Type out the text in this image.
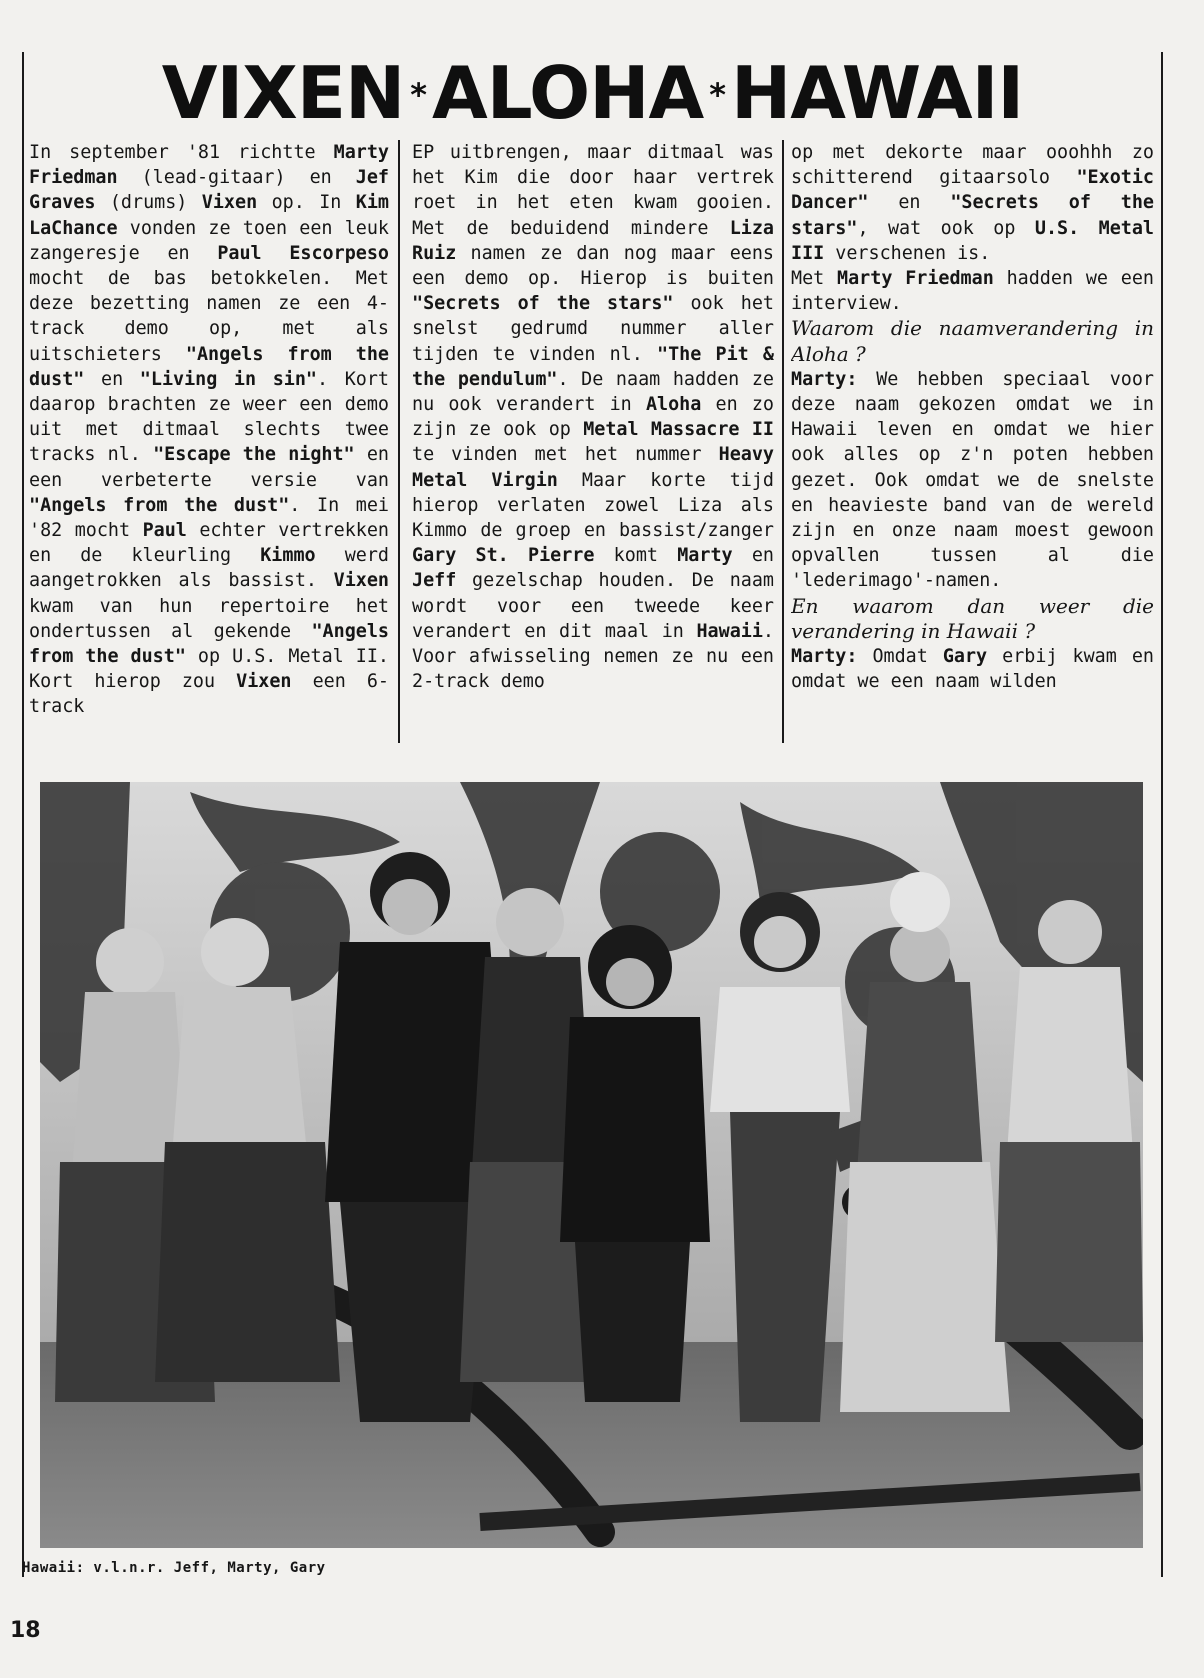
VIXEN *ALOHA *HAWAII

In september '81 richtte Marty Friedman (lead-gitaar) en Jef Graves (drums) Vixen op. In Kim LaChance vonden ze toen een leuk zangeresje en Paul Escorpeso mocht de bas betokkelen. Met deze bezetting namen ze een 4-track demo op, met als uitschieters "Angels from the dust" en "Living in sin". Kort daarop brachten ze weer een demo uit met ditmaal slechts twee tracks nl. "Escape the night" en een verbeterte versie van "Angels from the dust". In mei '82 mocht Paul echter vertrekken en de kleurling Kimmo werd aangetrokken als bassist. Vixen kwam van hun repertoire het ondertussen al gekende "Angels from the dust" op U.S. Metal II. Kort hierop zou Vixen een 6-track

EP uitbrengen, maar ditmaal was het Kim die door haar vertrek roet in het eten kwam gooien. Met de beduidend mindere Liza Ruiz namen ze dan nog maar eens een demo op. Hierop is buiten "Secrets of the stars" ook het snelst gedrumd nummer aller tijden te vinden nl. "The Pit & the pendulum". De naam hadden ze nu ook verandert in Aloha en zo zijn ze ook op Metal Massacre II te vinden met het nummer Heavy Metal Virgin Maar korte tijd hierop verlaten zowel Liza als Kimmo de groep en bassist/zanger Gary St. Pierre komt Marty en Jeff gezelschap houden. De naam wordt voor een tweede keer verandert en dit maal in Hawaii. Voor afwisseling nemen ze nu een 2-track demo

op met dekorte maar ooohhh zo schitterend gitaarsolo "Exotic Dancer" en "Secrets of the stars", wat ook op U.S. Metal III verschenen is.

Met Marty Friedman hadden we een interview.

Waarom die naamverandering in Aloha ?

Marty: We hebben speciaal voor deze naam gekozen omdat we in Hawaii leven en omdat we hier ook alles op z'n poten hebben gezet. Ook omdat we de snelste en heavieste band van de wereld zijn en onze naam moest gewoon opvallen tussen al die 'lederimago'-namen.

En waarom dan weer die verandering in Hawaii ?

Marty: Omdat Gary erbij kwam en omdat we een naam wilden

Hawaii: v.l.n.r. Jeff, Marty, Gary
18
